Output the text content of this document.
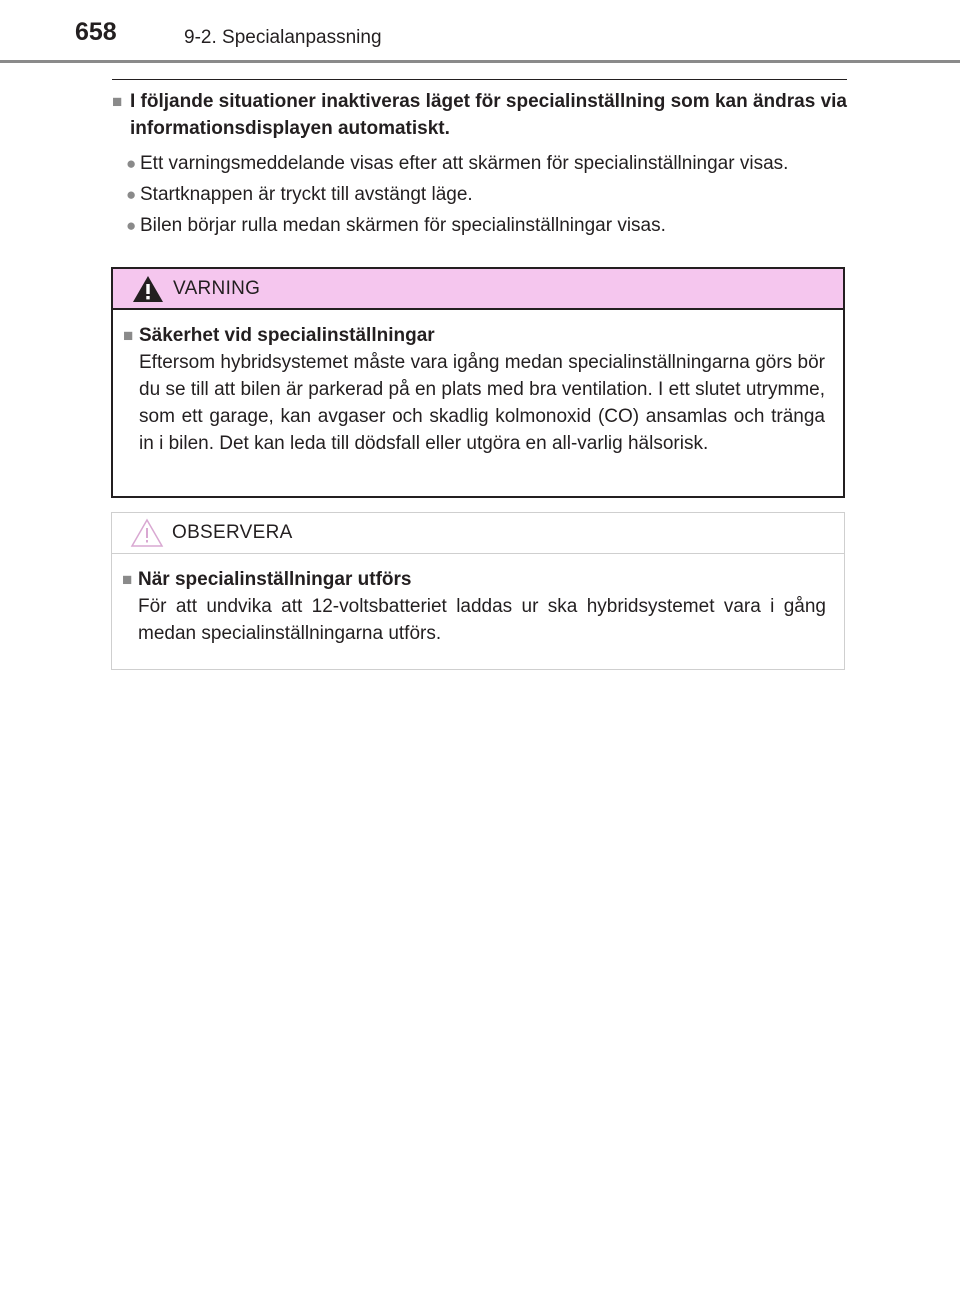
658	9-2. Specialanpassning
■ I följande situationer inaktiveras läget för specialinställning som kan ändras via informationsdisplayen automatiskt.
● Ett varningsmeddelande visas efter att skärmen för specialinställningar visas.
● Startknappen är tryckt till avstängt läge.
● Bilen börjar rulla medan skärmen för specialinställningar visas.
VARNING
■ Säkerhet vid specialinställningar
Eftersom hybridsystemet måste vara igång medan specialinställningarna görs bör du se till att bilen är parkerad på en plats med bra ventilation. I ett slutet utrymme, som ett garage, kan avgaser och skadlig kolmonoxid (CO) ansamlas och tränga in i bilen. Det kan leda till dödsfall eller utgöra en all-varlig hälsorisk.
OBSERVERA
■ När specialinställningar utförs
För att undvika att 12-voltsbatteriet laddas ur ska hybridsystemet vara i gång medan specialinställningarna utförs.
